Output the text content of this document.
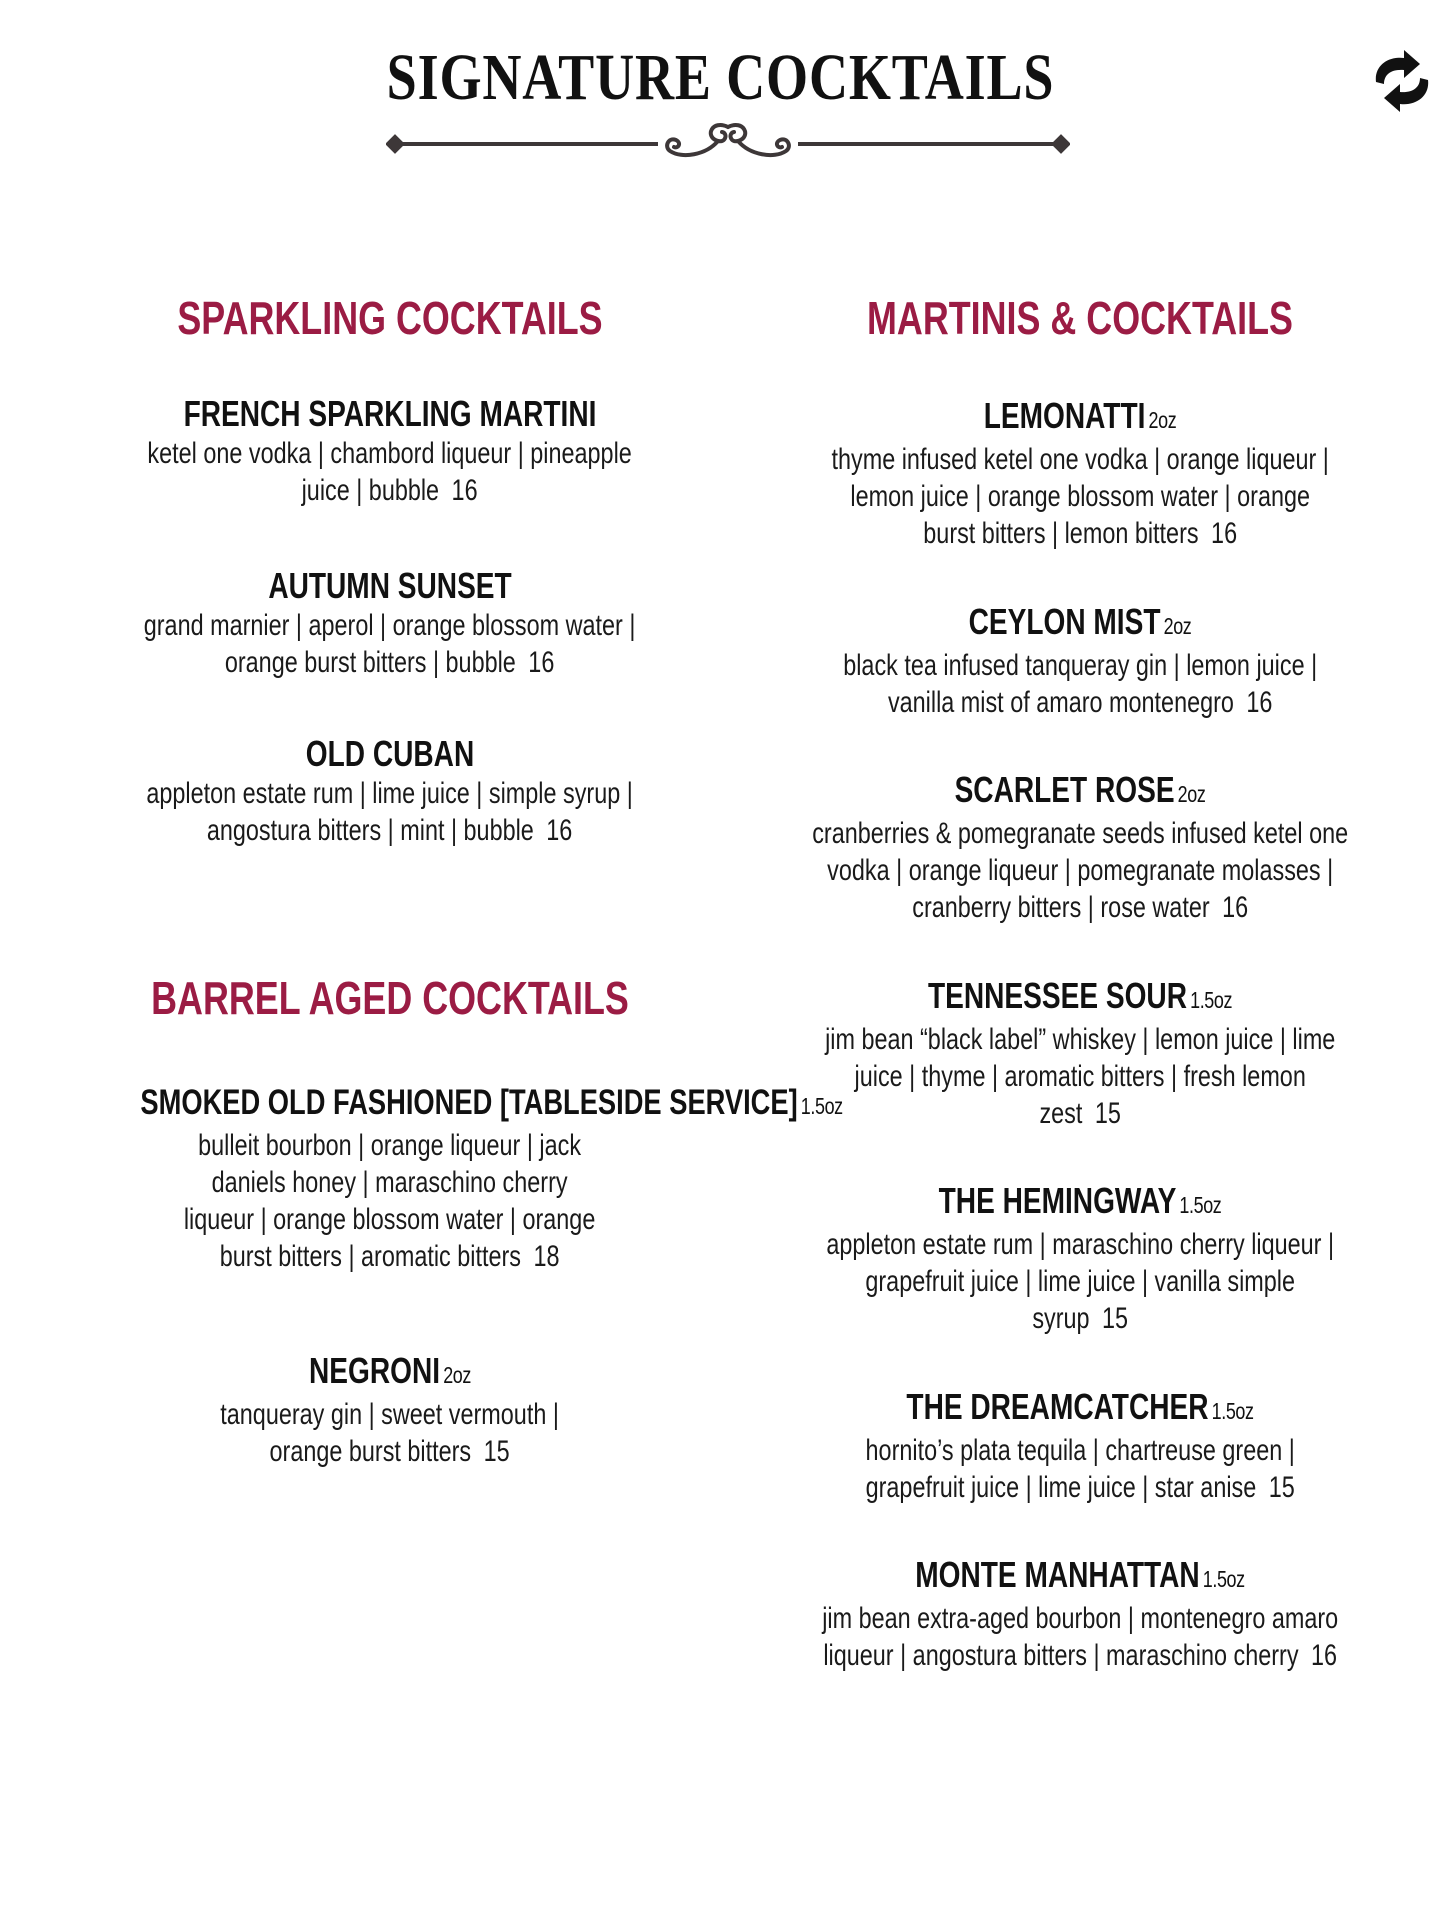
SIGNATURE COCKTAILS
SPARKLING COCKTAILS
FRENCH SPARKLING MARTINI
ketel one vodka | chambord liqueur | pineapple juice | bubble 16
AUTUMN SUNSET
grand marnier | aperol | orange blossom water | orange burst bitters | bubble 16
OLD CUBAN
appleton estate rum | lime juice | simple syrup | angostura bitters | mint | bubble 16
BARREL AGED COCKTAILS
SMOKED OLD FASHIONED [TABLESIDE SERVICE] 1.5oz
bulleit bourbon | orange liqueur | jack daniels honey | maraschino cherry liqueur | orange blossom water | orange burst bitters | aromatic bitters 18
NEGRONI 2oz
tanqueray gin | sweet vermouth | orange burst bitters 15
MARTINIS & COCKTAILS
LEMONATTI 2oz
thyme infused ketel one vodka | orange liqueur | lemon juice | orange blossom water | orange burst bitters | lemon bitters 16
CEYLON MIST 2oz
black tea infused tanqueray gin | lemon juice | vanilla mist of amaro montenegro 16
SCARLET ROSE 2oz
cranberries & pomegranate seeds infused ketel one vodka | orange liqueur | pomegranate molasses | cranberry bitters | rose water 16
TENNESSEE SOUR 1.5oz
jim bean “black label” whiskey | lemon juice | lime juice | thyme | aromatic bitters | fresh lemon zest 15
THE HEMINGWAY 1.5oz
appleton estate rum | maraschino cherry liqueur | grapefruit juice | lime juice | vanilla simple syrup 15
THE DREAMCATCHER 1.5oz
hornito’s plata tequila | chartreuse green | grapefruit juice | lime juice | star anise 15
MONTE MANHATTAN 1.5oz
jim bean extra-aged bourbon | montenegro amaro liqueur | angostura bitters | maraschino cherry 16
